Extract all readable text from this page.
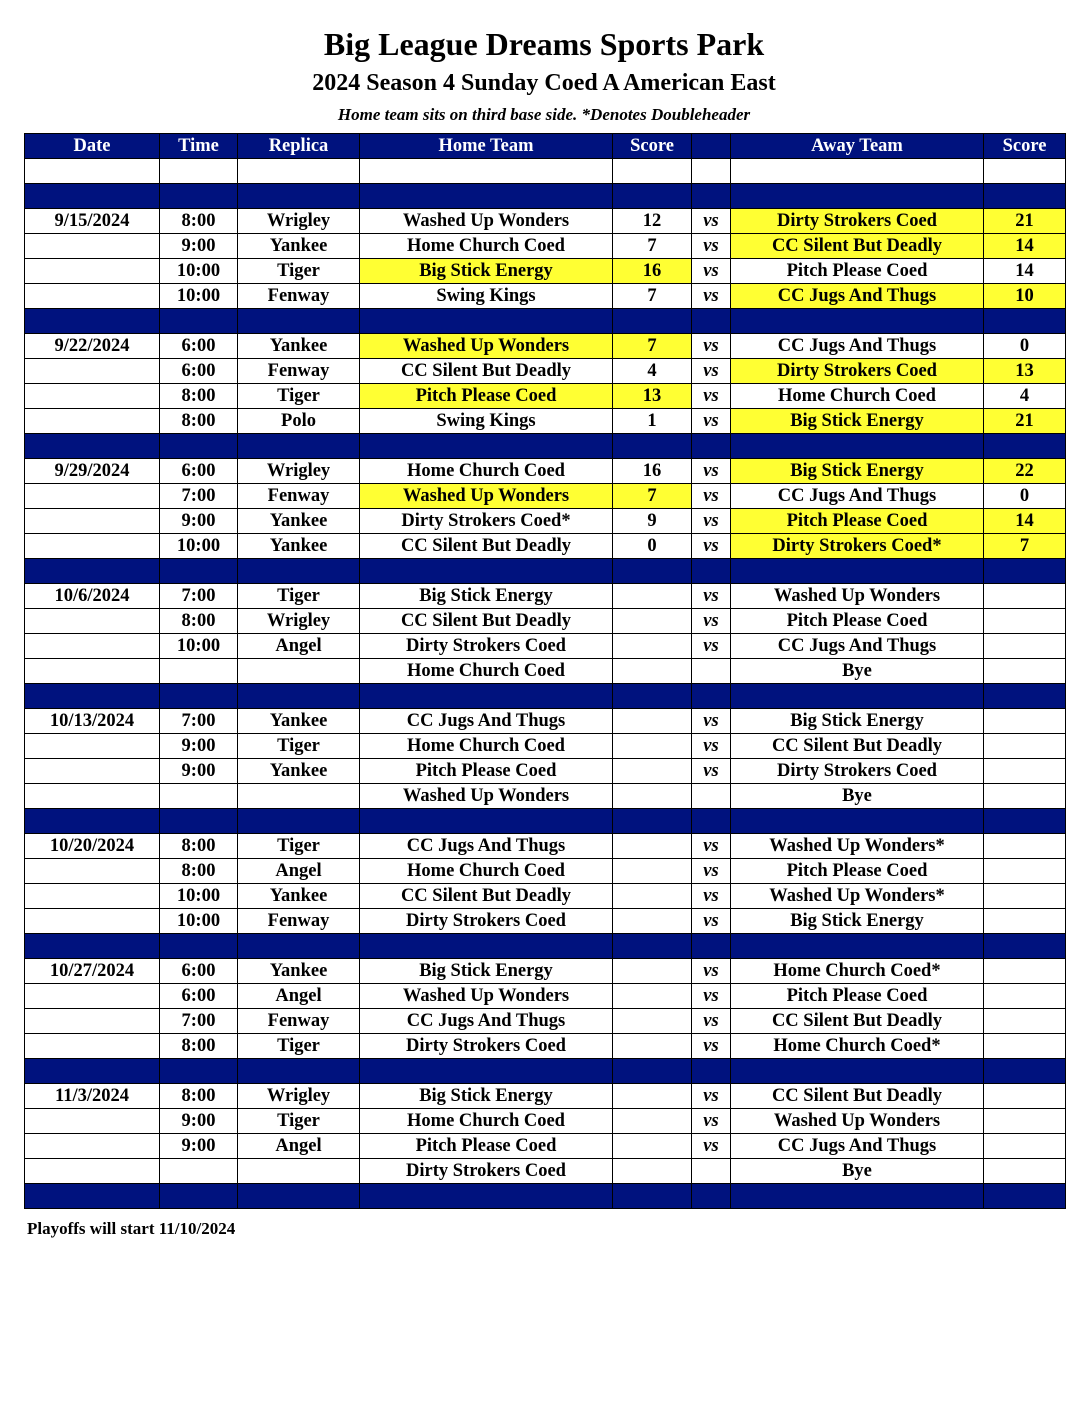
Big League Dreams Sports Park
2024 Season 4 Sunday Coed A American East
Home team sits on third base side. *Denotes Doubleheader
Date	Time	Replica	Home Team	Score		Away Team	Score

9/15/2024	8:00	Wrigley	Washed Up Wonders	12	vs	Dirty Strokers Coed	21
	9:00	Yankee	Home Church Coed	7	vs	CC Silent But Deadly	14
	10:00	Tiger	Big Stick Energy	16	vs	Pitch Please Coed	14
	10:00	Fenway	Swing Kings	7	vs	CC Jugs And Thugs	10

9/22/2024	6:00	Yankee	Washed Up Wonders	7	vs	CC Jugs And Thugs	0
	6:00	Fenway	CC Silent But Deadly	4	vs	Dirty Strokers Coed	13
	8:00	Tiger	Pitch Please Coed	13	vs	Home Church Coed	4
	8:00	Polo	Swing Kings	1	vs	Big Stick Energy	21

9/29/2024	6:00	Wrigley	Home Church Coed	16	vs	Big Stick Energy	22
	7:00	Fenway	Washed Up Wonders	7	vs	CC Jugs And Thugs	0
	9:00	Yankee	Dirty Strokers Coed*	9	vs	Pitch Please Coed	14
	10:00	Yankee	CC Silent But Deadly	0	vs	Dirty Strokers Coed*	7

10/6/2024	7:00	Tiger	Big Stick Energy		vs	Washed Up Wonders	
	8:00	Wrigley	CC Silent But Deadly		vs	Pitch Please Coed	
	10:00	Angel	Dirty Strokers Coed		vs	CC Jugs And Thugs	
			Home Church Coed			Bye	

10/13/2024	7:00	Yankee	CC Jugs And Thugs		vs	Big Stick Energy	
	9:00	Tiger	Home Church Coed		vs	CC Silent But Deadly	
	9:00	Yankee	Pitch Please Coed		vs	Dirty Strokers Coed	
			Washed Up Wonders			Bye	

10/20/2024	8:00	Tiger	CC Jugs And Thugs		vs	Washed Up Wonders*	
	8:00	Angel	Home Church Coed		vs	Pitch Please Coed	
	10:00	Yankee	CC Silent But Deadly		vs	Washed Up Wonders*	
	10:00	Fenway	Dirty Strokers Coed		vs	Big Stick Energy	

10/27/2024	6:00	Yankee	Big Stick Energy		vs	Home Church Coed*	
	6:00	Angel	Washed Up Wonders		vs	Pitch Please Coed	
	7:00	Fenway	CC Jugs And Thugs		vs	CC Silent But Deadly	
	8:00	Tiger	Dirty Strokers Coed		vs	Home Church Coed*	

11/3/2024	8:00	Wrigley	Big Stick Energy		vs	CC Silent But Deadly	
	9:00	Tiger	Home Church Coed		vs	Washed Up Wonders	
	9:00	Angel	Pitch Please Coed		vs	CC Jugs And Thugs	
			Dirty Strokers Coed			Bye	

Playoffs will start 11/10/2024
